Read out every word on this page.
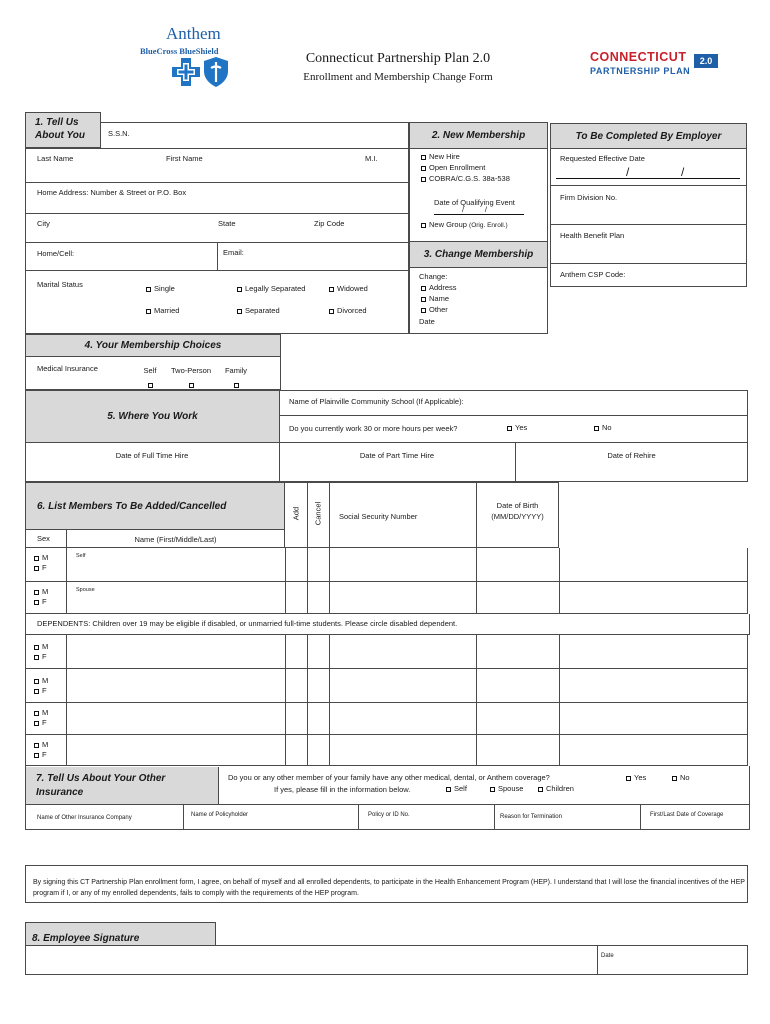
Anthem
BlueCross BlueShield	Connecticut Partnership Plan 2.0
Enrollment and Membership Change Form
CONNECTICUT	2.0
PARTNERSHIP PLAN
1. Tell Us
About You	S.S.N.
Last Name	First Name	M.I.
Home Address: Number & Street or P.O. Box
City	State	Zip Code
Home/Cell:	Email:
Marital Status	Single	Legally Separated	Widowed
Married	Separated	Divorced
2. New Membership
New Hire
Open Enrollment
COBRA/C.G.S. 38a-538
Date of Qualifying Event
/          /
New Group (Orig. Enroll.)
3. Change Membership
Change:
Address
Name
Other
Date
To Be Completed By Employer
Requested Effective Date
/	/
Firm Division No.
Health Benefit Plan
Anthem CSP Code:
4. Your Membership Choices
Medical Insurance	Self	Two-Person	Family
5. Where You Work
Name of Plainville Community School (If Applicable):
Do you currently work 30 or more hours per week?	Yes	No
Date of Full Time Hire	Date of Part Time Hire	Date of Rehire
6. List Members To Be Added/Cancelled
Add Cancel Social Security Number
Date of Birth
(MM/DD/YYYY)
Sex	Name (First/Middle/Last)
M
F
Self
M
F
Spouse
DEPENDENTS: Children over 19 may be eligible if disabled, or unmarried full-time students. Please circle disabled dependent.
M
F
M
F
M
F
M
F
7. Tell Us About Your Other
Insurance
Do you or any other member of your family have any other medical, dental, or Anthem coverage?	Yes	No
If yes, please fill in the information below.	Self	Spouse	Children
Name of Other Insurance Company	Name of Policyholder	Policy or ID No.	Reason for Termination	First/Last Date of Coverage
By signing this CT Partnership Plan enrollment form, I agree, on behalf of myself and all enrolled dependents, to participate in the Health Enhancement Program (HEP). I understand that I will lose the financial incentives of the HEP program if I, or any of my enrolled dependents, fails to comply with the requirements of the HEP program.
8. Employee Signature
Date
